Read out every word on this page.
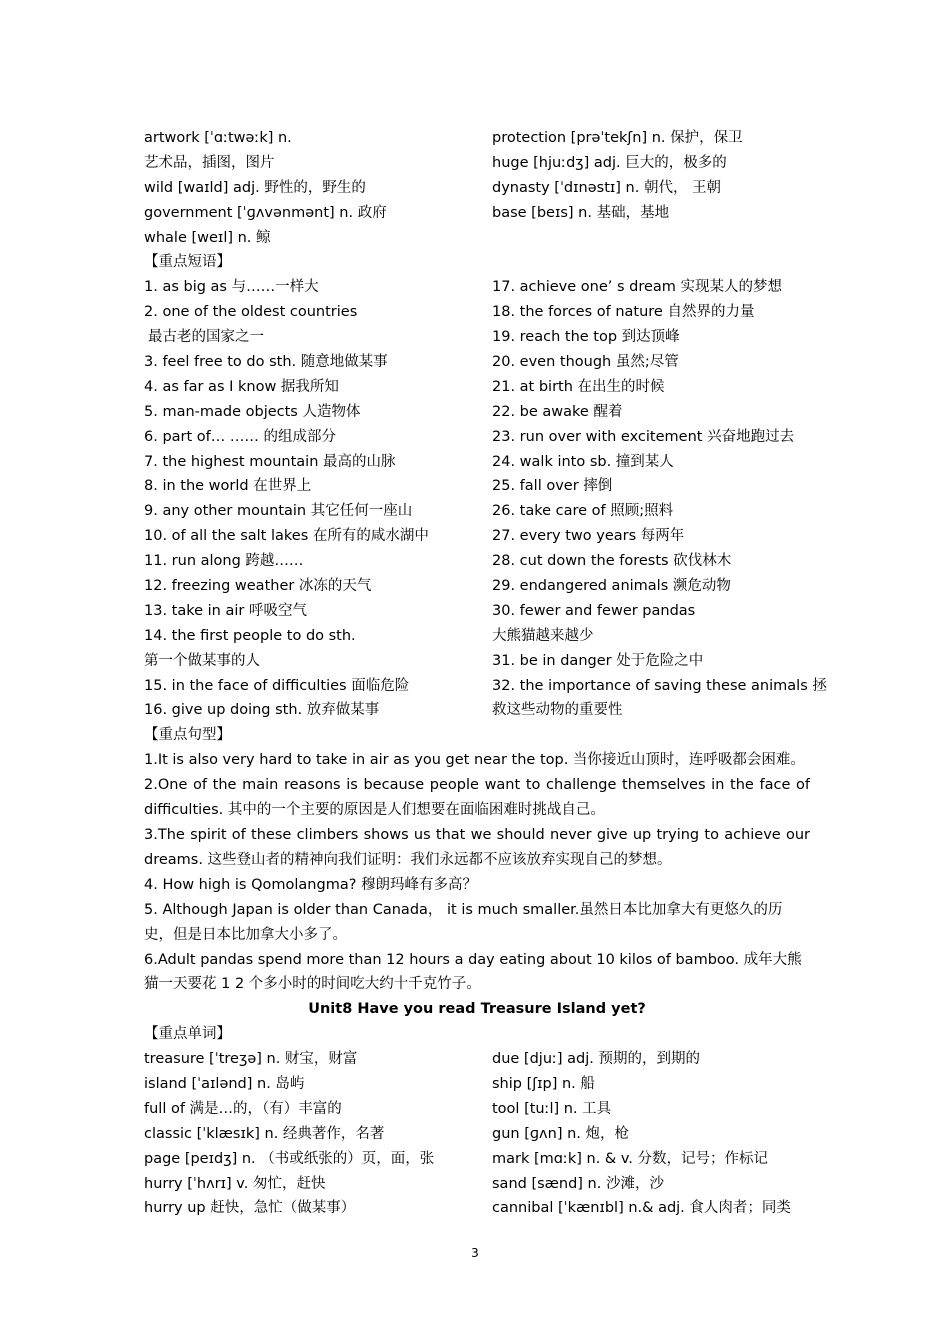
artwork [ˈɑːtwəːk] n.
艺术品，插图，图片
wild [waɪld] adj. 野性的，野生的
government [ˈɡʌvənmənt] n. 政府
whale [weɪl] n. 鲸
protection [prəˈtekʃn] n. 保护，保卫
huge [hjuːdʒ] adj. 巨大的，极多的
dynasty [ˈdɪnəstɪ] n. 朝代， 王朝
base [beɪs] n. 基础，基地
【重点短语】
1. as big as 与……一样大
2. one of the oldest countries
最古老的国家之一
3. feel free to do sth. 随意地做某事
4. as far as I know 据我所知
5. man-made objects 人造物体
6. part of… …… 的组成部分
7. the highest mountain 最高的山脉
8. in the world 在世界上
9. any other mountain 其它任何一座山
10. of all the salt lakes 在所有的咸水湖中
11. run along 跨越……
12. freezing weather 冰冻的天气
13. take in air 呼吸空气
14. the first people to do sth.
第一个做某事的人
15. in the face of difficulties 面临危险
16. give up doing sth. 放弃做某事
17. achieve one’ s dream 实现某人的梦想
18. the forces of nature 自然界的力量
19. reach the top 到达顶峰
20. even though 虽然;尽管
21. at birth 在出生的时候
22. be awake 醒着
23. run over with excitement 兴奋地跑过去
24. walk into sb. 撞到某人
25. fall over 摔倒
26. take care of 照顾;照料
27. every two years 每两年
28. cut down the forests 砍伐林木
29. endangered animals 濒危动物
30. fewer and fewer pandas
大熊猫越来越少
31. be in danger 处于危险之中
32. the importance of saving these animals 拯
救这些动物的重要性
【重点句型】
1.It is also very hard to take in air as you get near the top. 当你接近山顶时，连呼吸都会困难。
2.One of the main reasons is because people want to challenge themselves in the face of difficulties. 其中的一个主要的原因是人们想要在面临困难时挑战自己。
3.The spirit of these climbers shows us that we should never give up trying to achieve our dreams. 这些登山者的精神向我们证明：我们永远都不应该放弃实现自己的梦想。
4. How high is Qomolangma? 穆朗玛峰有多高？
5. Although Japan is older than Canada， it is much smaller.虽然日本比加拿大有更悠久的历史，但是日本比加拿大小多了。
6.Adult pandas spend more than 12 hours a day eating about 10 kilos of bamboo. 成年大熊猫一天要花 1 2 个多小时的时间吃大约十千克竹子。
Unit8 Have you read Treasure Island yet?
【重点单词】
treasure [ˈtreʒə] n. 财宝，财富
island [ˈaɪlənd] n. 岛屿
full of 满是…的，（有）丰富的
classic [ˈklæsɪk] n. 经典著作，名著
page [peɪdʒ] n. （书或纸张的）页，面，张
hurry [ˈhʌrɪ] v. 匆忙，赶快
hurry up 赶快，急忙（做某事）
due [djuː] adj. 预期的，到期的
ship [ʃɪp] n. 船
tool [tuːl] n. 工具
gun [ɡʌn] n. 炮，枪
mark [mɑːk] n. & v. 分数，记号；作标记
sand [sænd] n. 沙滩，沙
cannibal [ˈkænɪbl] n.& adj. 食人肉者；同类
3
